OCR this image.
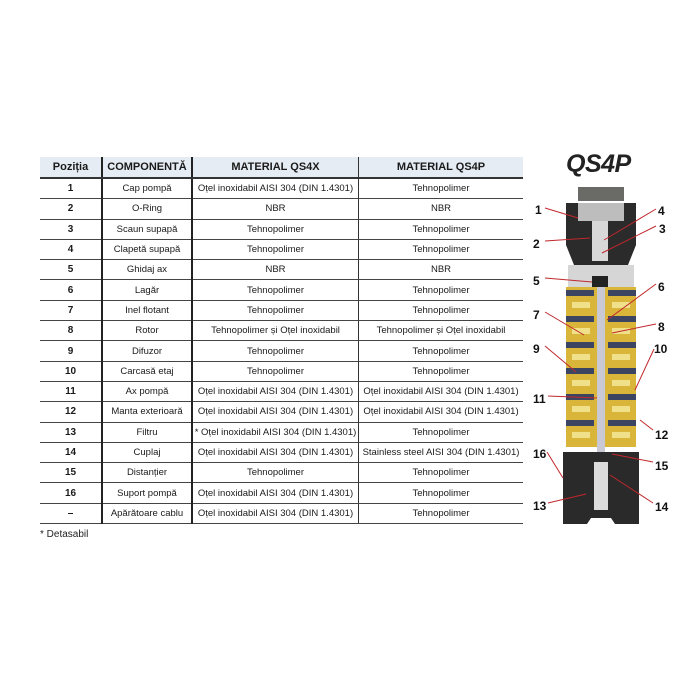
Poziția	COMPONENTĂ	MATERIAL QS4X	MATERIAL QS4P
1	Cap pompă	Oțel inoxidabil AISI 304 (DIN 1.4301)	Tehnopolimer
2	O-Ring	NBR	NBR
3	Scaun supapă	Tehnopolimer	Tehnopolimer
4	Clapetă supapă	Tehnopolimer	Tehnopolimer
5	Ghidaj ax	NBR	NBR
6	Lagăr	Tehnopolimer	Tehnopolimer
7	Inel flotant	Tehnopolimer	Tehnopolimer
8	Rotor	Tehnopolimer și Oțel inoxidabil	Tehnopolimer și Oțel inoxidabil
9	Difuzor	Tehnopolimer	Tehnopolimer
10	Carcasă etaj	Tehnopolimer	Tehnopolimer
11	Ax pompă	Oțel inoxidabil AISI 304 (DIN 1.4301)	Oțel inoxidabil AISI 304 (DIN 1.4301)
12	Manta exterioară	Oțel inoxidabil AISI 304 (DIN 1.4301)	Oțel inoxidabil AISI 304 (DIN 1.4301)
13	Filtru	* Oțel inoxidabil AISI 304 (DIN 1.4301)	Tehnopolimer
14	Cuplaj	Oțel inoxidabil AISI 304 (DIN 1.4301)	Stainless steel AISI 304 (DIN 1.4301)
15	Distanțier	Tehnopolimer	Tehnopolimer
16	Suport pompă	Oțel inoxidabil AISI 304 (DIN 1.4301)	Tehnopolimer
–	Apărătoare cablu	Oțel inoxidabil AISI 304 (DIN 1.4301)	Tehnopolimer
* Detasabil
QS4P
1
2
3
4
5	6
7
8
9	10
11
12
13	14
15
16
